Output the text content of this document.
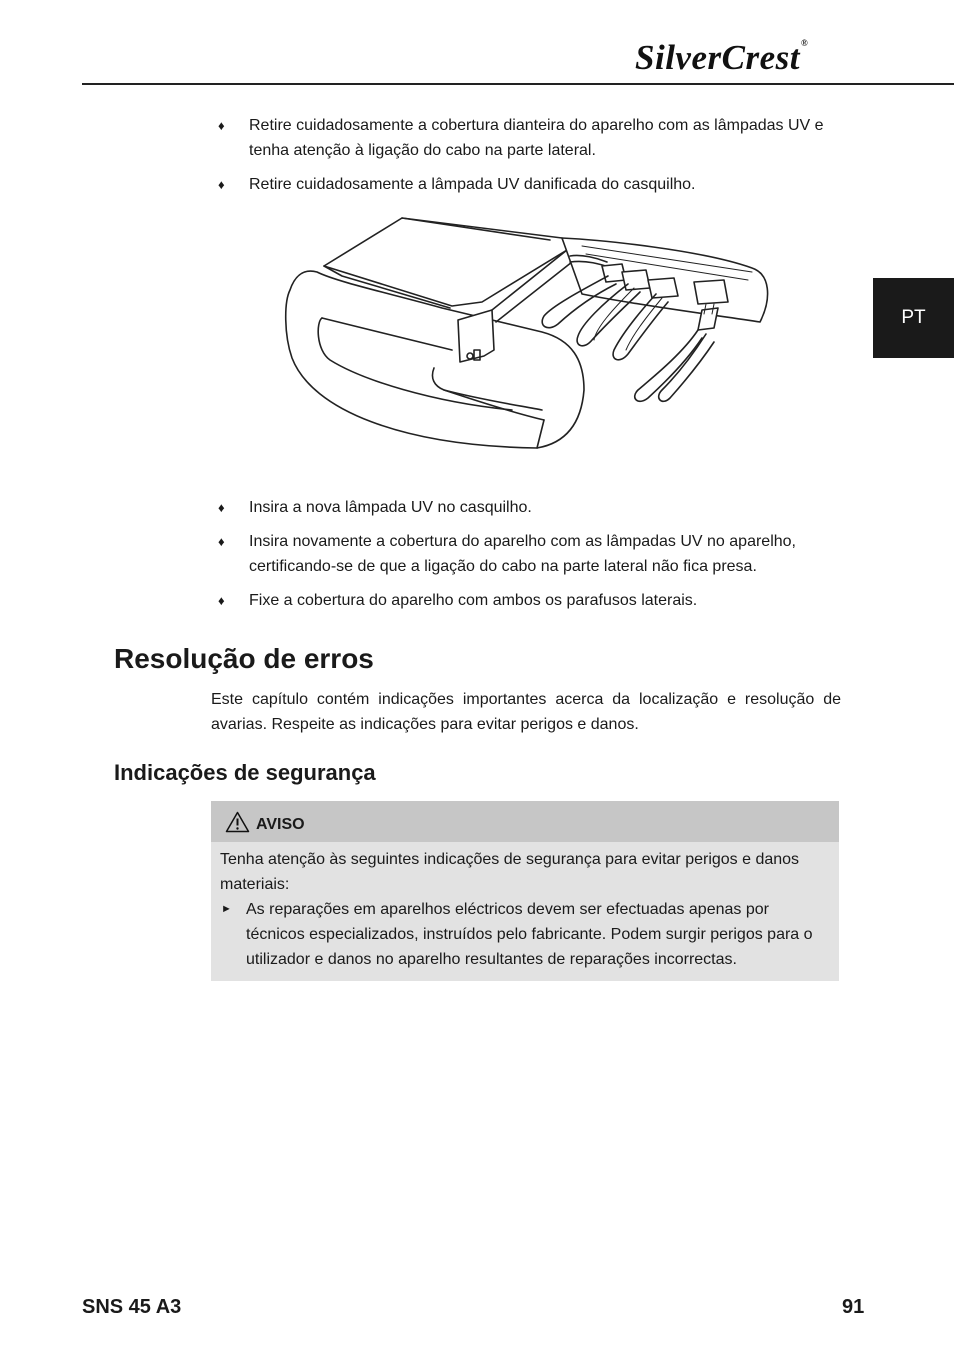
SilverCrest®
PT

♦ Retire cuidadosamente a cobertura dianteira do aparelho com as lâmpadas UV e tenha atenção à ligação do cabo na parte lateral.

♦ Retire cuidadosamente a lâmpada UV danificada do casquilho.

♦ Insira a nova lâmpada UV no casquilho.

♦ Insira novamente a cobertura do aparelho com as lâmpadas UV no aparelho, certificando-se de que a ligação do cabo na parte lateral não fica presa.

♦ Fixe a cobertura do aparelho com ambos os parafusos laterais.

Resolução de erros

Este capítulo contém indicações importantes acerca da localização e resolução de avarias. Respeite as indicações para evitar perigos e danos.

Indicações de segurança
AVISO

Tenha atenção às seguintes indicações de segurança para evitar perigos e danos materiais:

► As reparações em aparelhos eléctricos devem ser efectuadas apenas por técnicos especializados, instruídos pelo fabricante. Podem surgir perigos para o utilizador e danos no aparelho resultantes de reparações incorrectas.

SNS 45 A3	91
